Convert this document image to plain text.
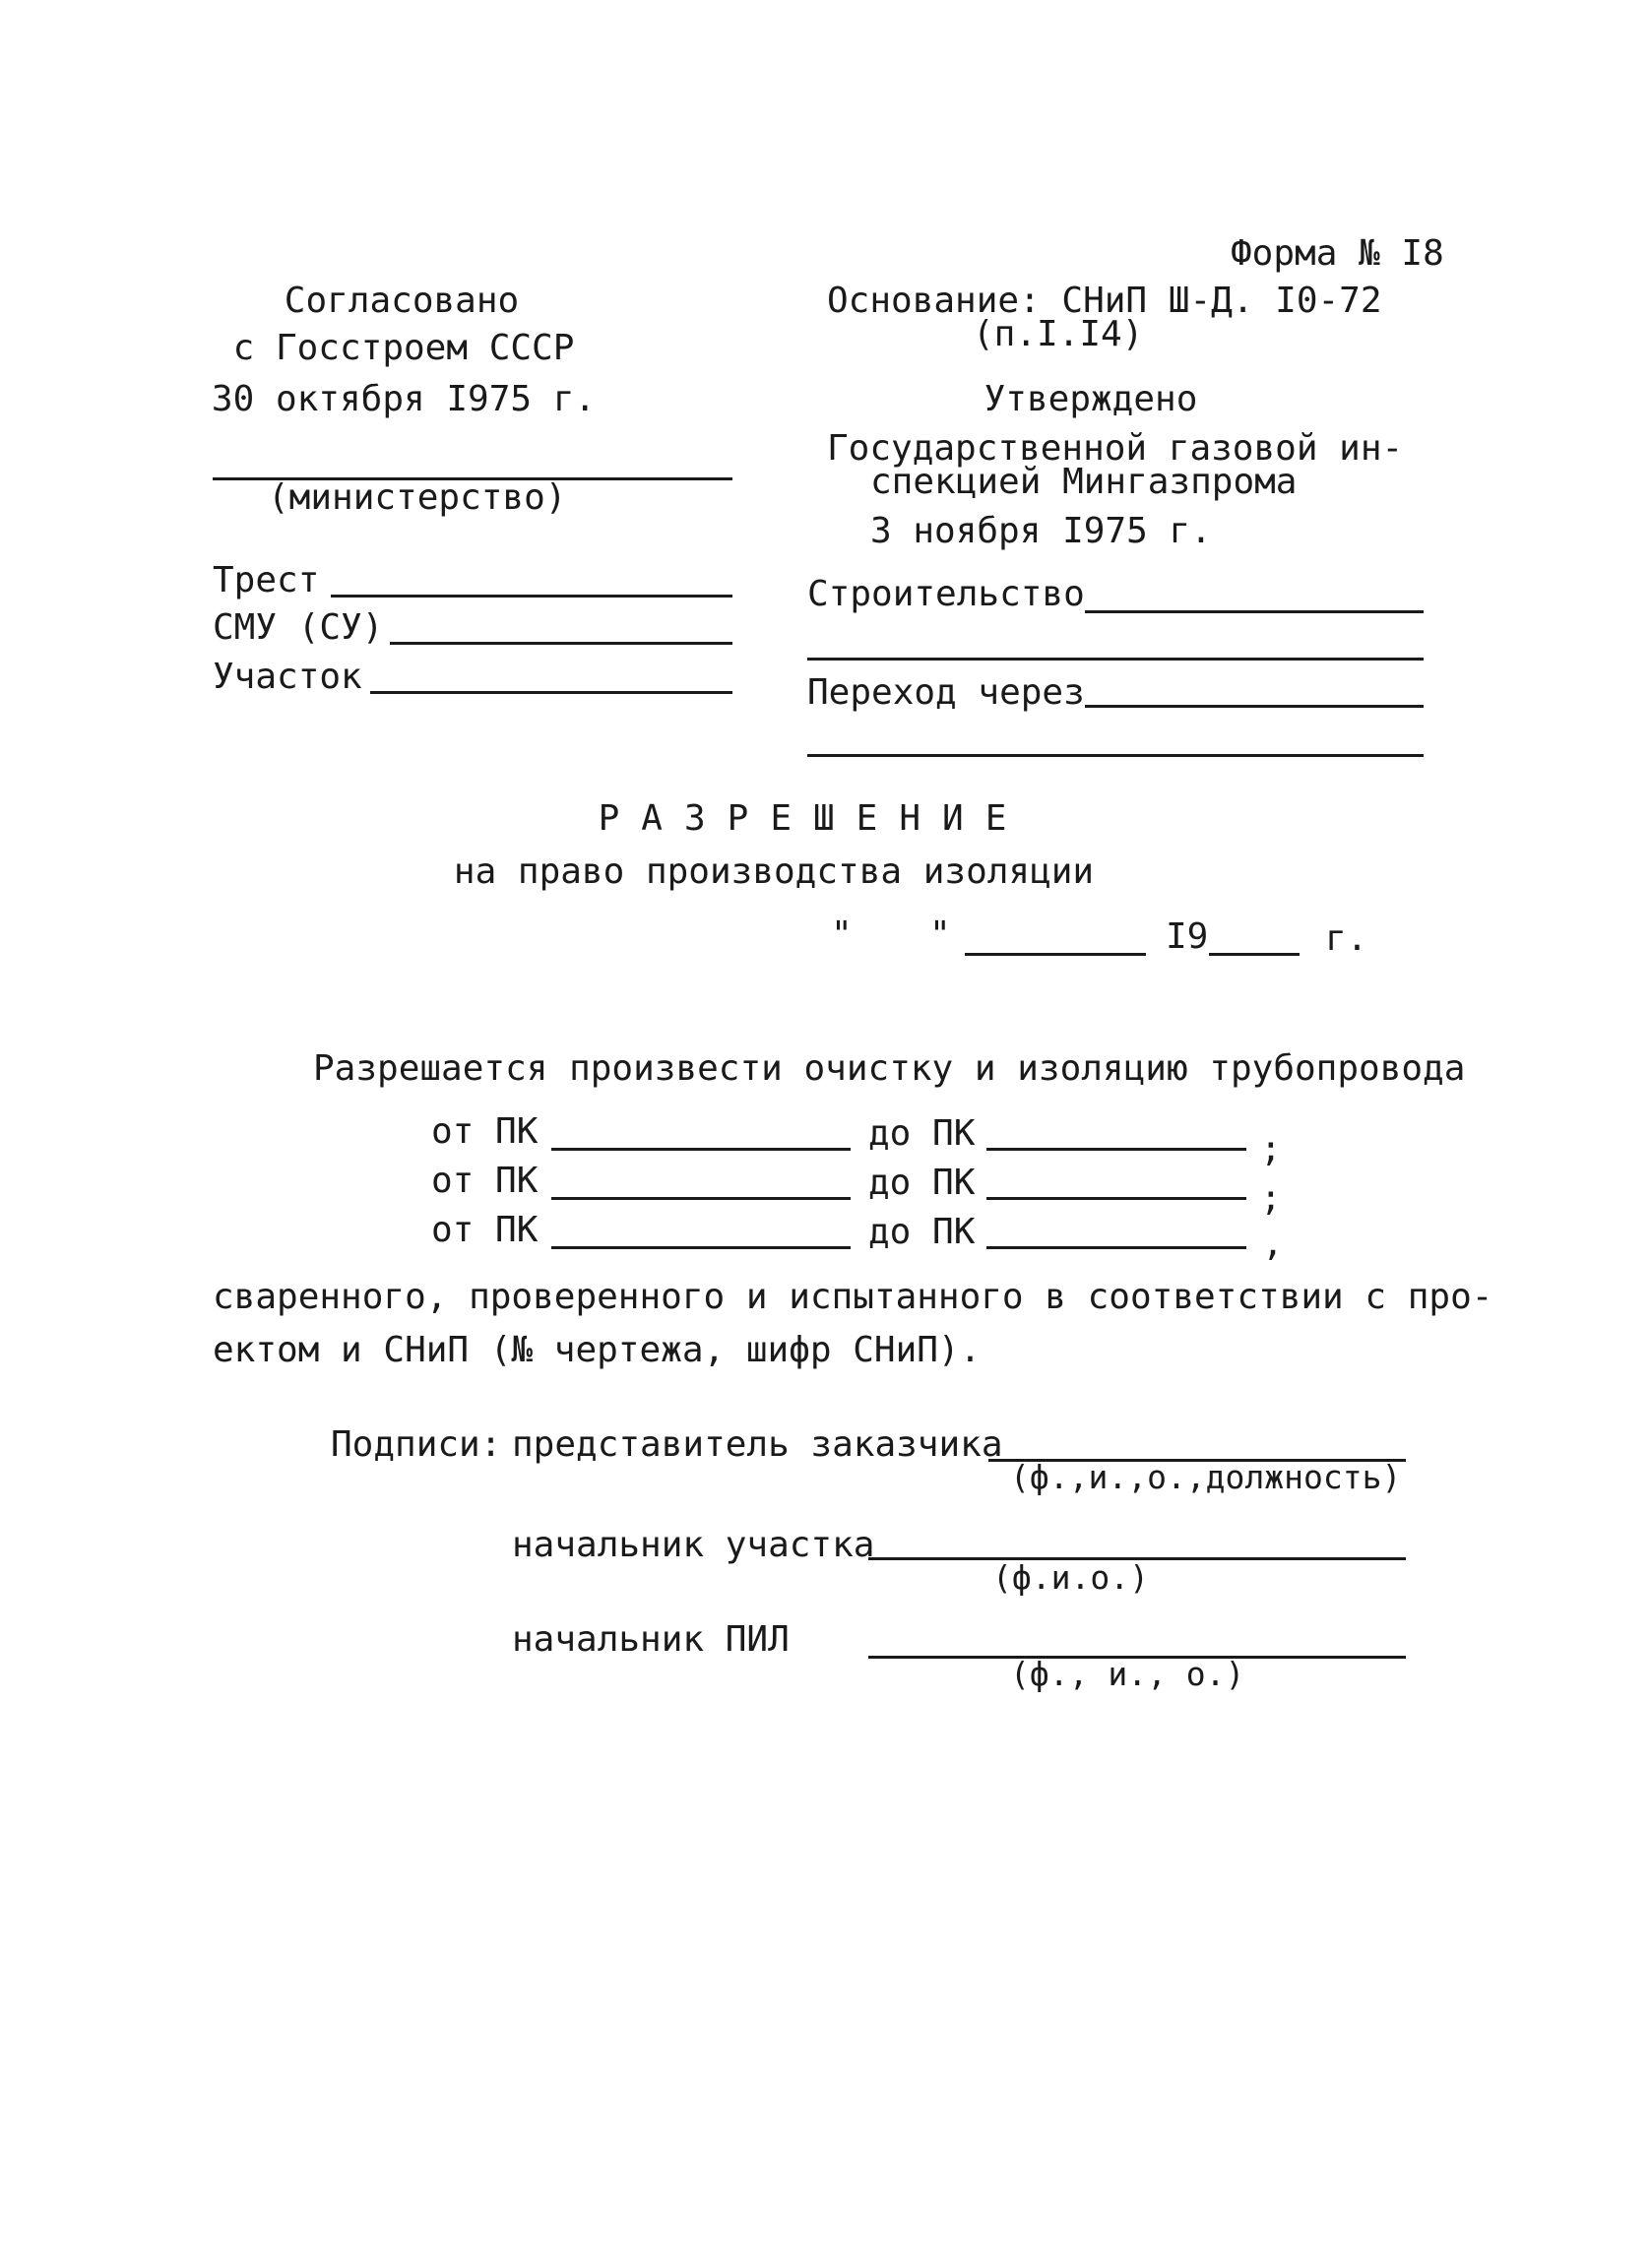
Форма № I8
Согласовано
с Госстроем СССР
30 октября I975 г.
(министерство)
Трест
СМУ (СУ)
Участок
Основание: СНиП Ш-Д. I0-72
(п.I.I4)
Утверждено
Государственной газовой ин-
спекцией Мингазпрома
3 ноября I975 г.
Строительство
Переход через
РАЗРЕШЕНИЕ
на право производства изоляции
" "	I9	г.
Разрешается произвести очистку и изоляцию трубопровода
от ПК	до ПК	;
от ПК	до ПК	;
от ПК	до ПК	,
сваренного, проверенного и испытанного в соответствии с про-
ектом и СНиП (№ чертежа, шифр СНиП).
Подписи: представитель заказчика
(ф.,и.,о.,должность)
начальник участка
(ф.и.о.)
начальник ПИЛ
(ф., и., о.)
